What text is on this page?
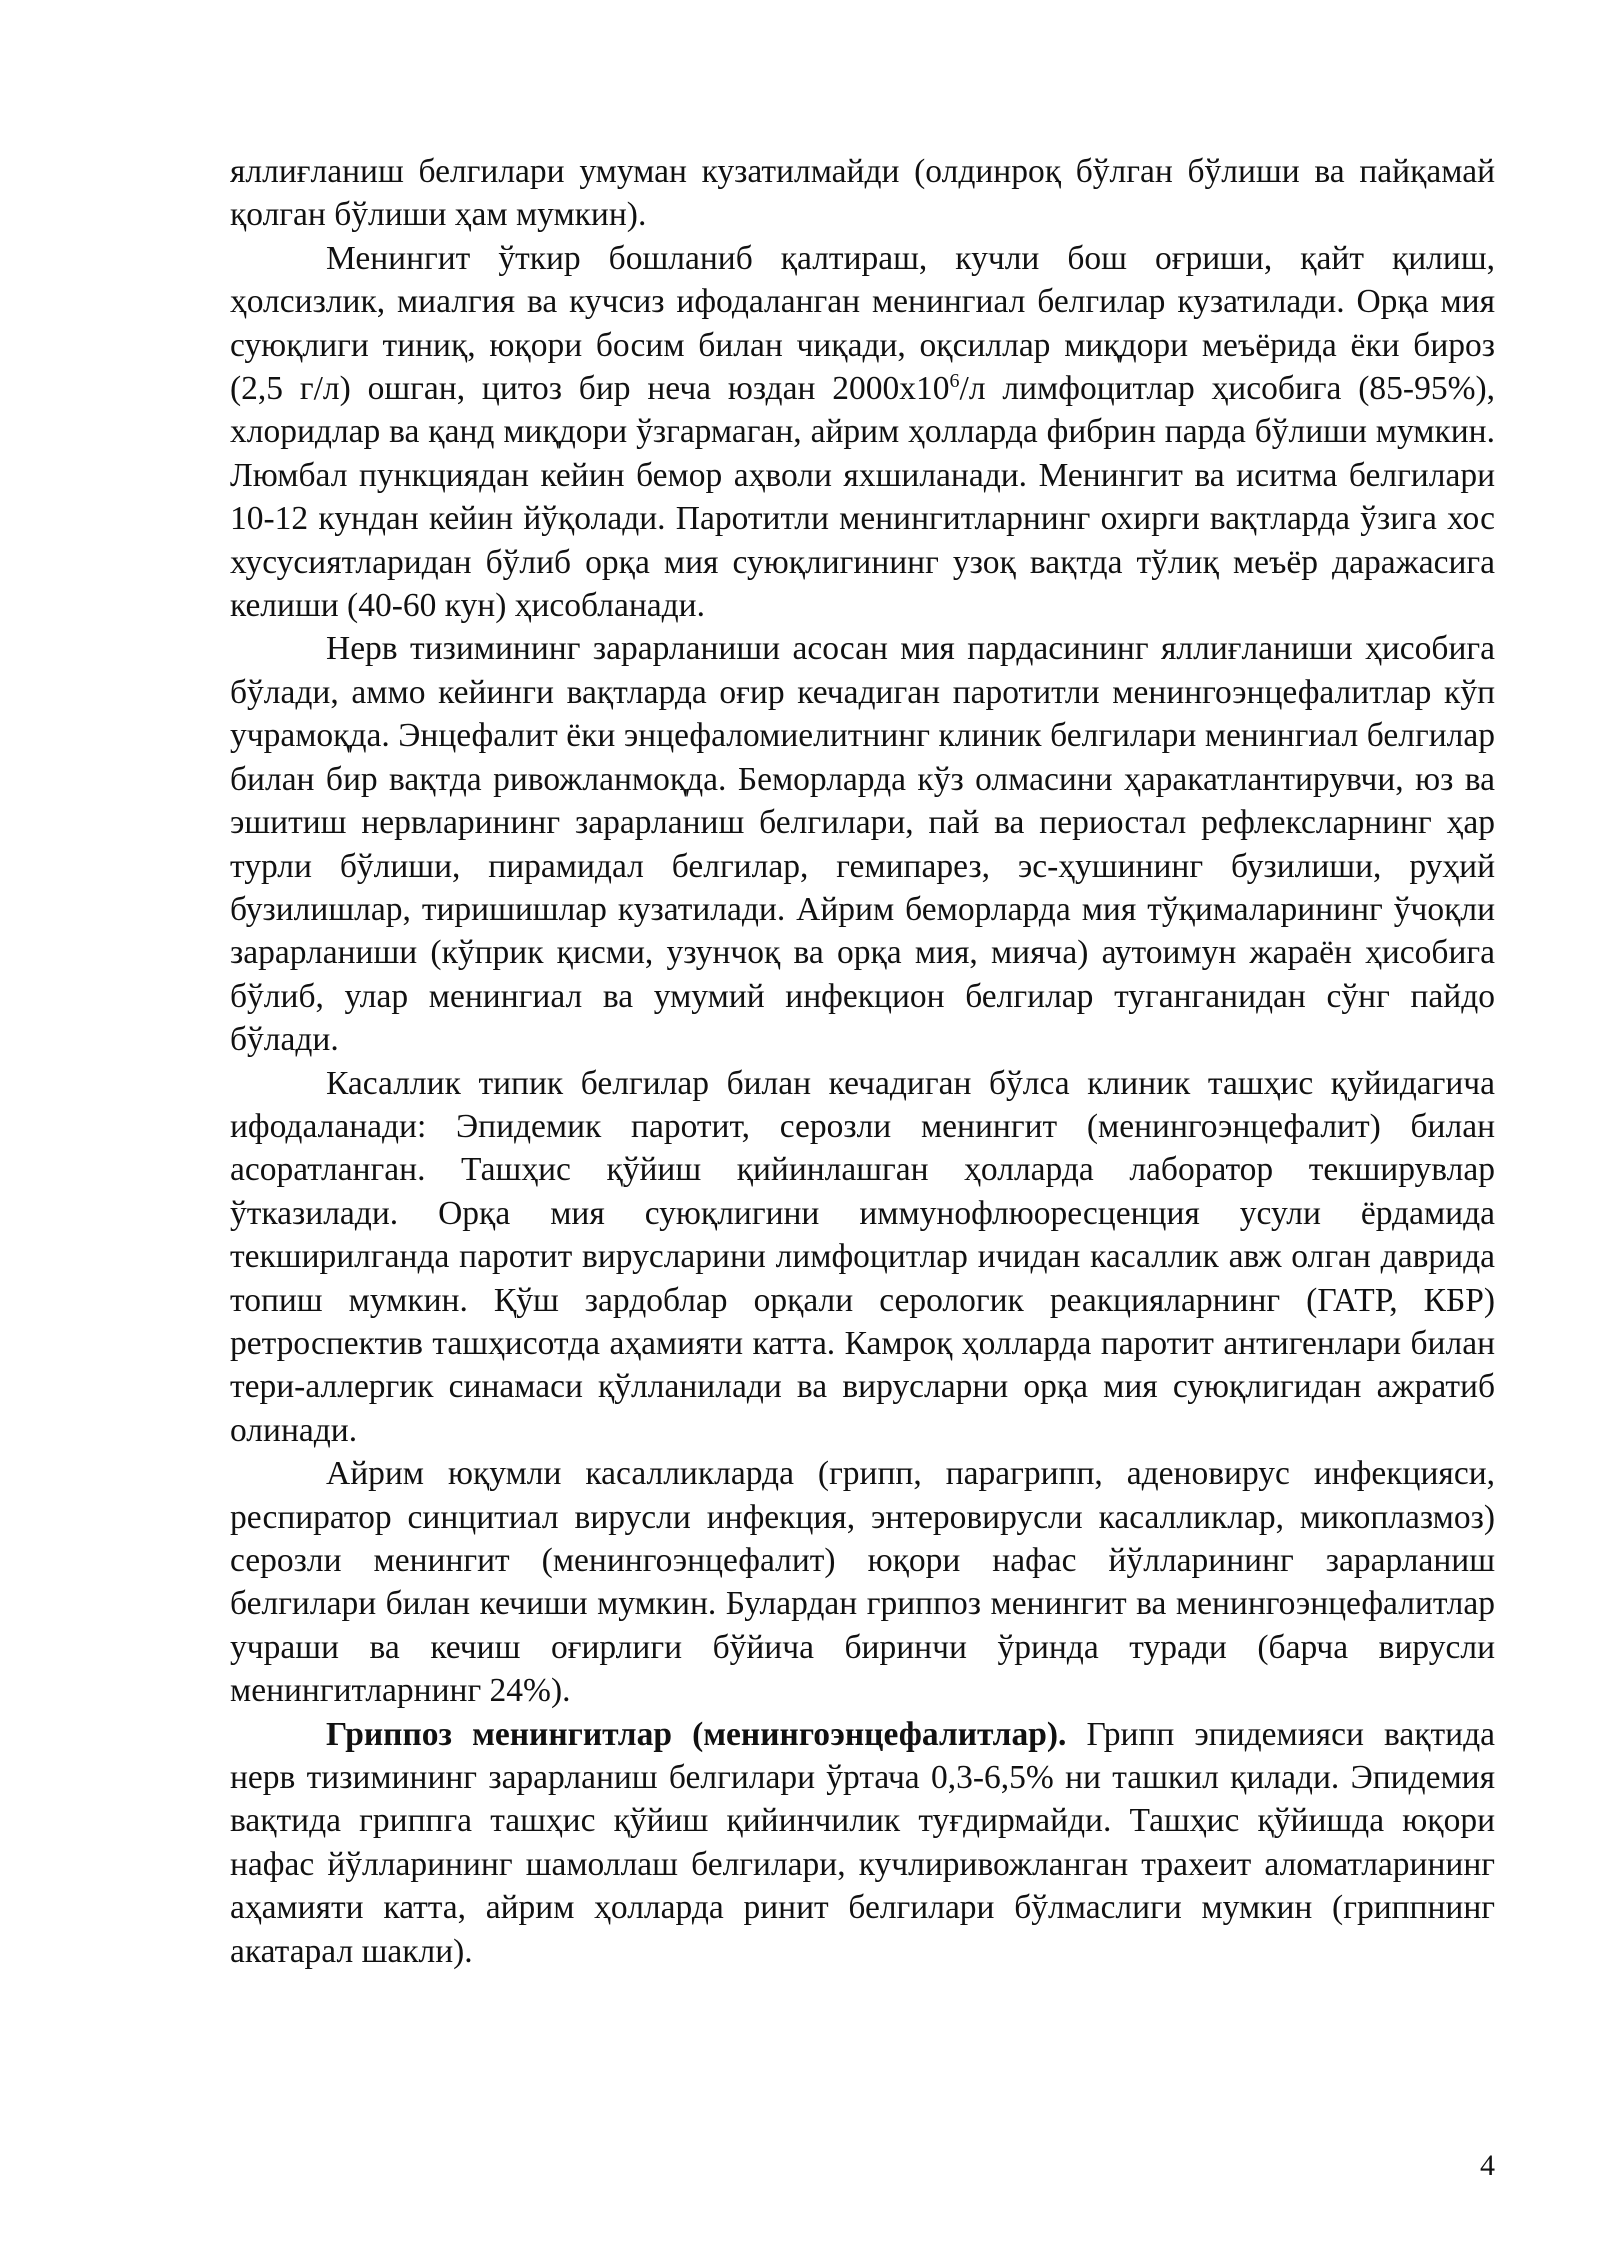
яллиғланиш белгилари умуман кузатилмайди (олдинроқ бўлган бўлиши ва пайқамай қолган бўлиши ҳам мумкин).

Менингит ўткир бошланиб қалтираш, кучли бош оғриши, қайт қилиш, ҳолсизлик, миалгия ва кучсиз ифодаланган менингиал белгилар кузатилади. Орқа мия суюқлиги тиниқ, юқори босим билан чиқади, оқсиллар миқдори меъёрида ёки бироз (2,5 г/л) ошган, цитоз бир неча юздан $2000х10^6/л$ лимфоцитлар ҳисобига (85-95%), хлоридлар ва қанд миқдори ўзгармаган, айрим ҳолларда фибрин парда бўлиши мумкин. Люмбал пункциядан кейин бемор аҳволи яхшиланади. Менингит ва иситма белгилари 10-12 кундан кейин йўқолади. Паротитли менингитларнинг охирги вақтларда ўзига хос хусусиятларидан бўлиб орқа мия суюқлигининг узоқ вақтда тўлиқ меъёр даражасига келиши (40-60 кун) ҳисобланади.

Нерв тизимининг зарарланиши асосан мия пардасининг яллиғланиши ҳисобига бўлади, аммо кейинги вақтларда оғир кечадиган паротитли менингоэнцефалитлар кўп учрамоқда. Энцефалит ёки энцефаломиелитнинг клиник белгилари менингиал белгилар билан бир вақтда ривожланмоқда. Беморларда кўз олмасини ҳаракатлантирувчи, юз ва эшитиш нервларининг зарарланиш белгилари, пай ва периостал рефлексларнинг ҳар турли бўлиши, пирамидал белгилар, гемипарез, эс-ҳушининг бузилиши, руҳий бузилишлар, тиришишлар кузатилади. Айрим беморларда мия тўқималарининг ўчоқли зарарланиши (кўприк қисми, узунчоқ ва орқа мия, мияча) аутоимун жараён ҳисобига бўлиб, улар менингиал ва умумий инфекцион белгилар туганганидан сўнг пайдо бўлади.

Касаллик типик белгилар билан кечадиган бўлса клиник ташҳис қуйидагича ифодаланади: Эпидемик паротит, серозли менингит (менингоэнцефалит) билан асоратланган. Ташҳис қўйиш қийинлашган ҳолларда лаборатор текширувлар ўтказилади. Орқа мия суюқлигини иммунофлюоресценция усули ёрдамида текширилганда паротит вирусларини лимфоцитлар ичидан касаллик авж олган даврида топиш мумкин. Қўш зардоблар орқали серологик реакцияларнинг (ГАТР, КБР) ретроспектив ташҳисотда аҳамияти катта. Камроқ ҳолларда паротит антигенлари билан тери-аллергик синамаси қўлланилади ва вирусларни орқа мия суюқлигидан ажратиб олинади.

Айрим юқумли касалликларда (грипп, парагрипп, аденовирус инфекцияси, респиратор синцитиал вирусли инфекция, энтеровирусли касалликлар, микоплазмоз) серозли менингит (менингоэнцефалит) юқори нафас йўлларининг зарарланиш белгилари билан кечиши мумкин. Булардан гриппоз менингит ва менингоэнцефалитлар учраши ва кечиш оғирлиги бўйича биринчи ўринда туради (барча вирусли менингитларнинг 24%).

Гриппоз менингитлар (менингоэнцефалитлар). Грипп эпидемияси вақтида нерв тизимининг зарарланиш белгилари ўртача 0,3-6,5% ни ташкил қилади. Эпидемия вақтида гриппга ташҳис қўйиш қийинчилик туғдирмайди. Ташҳис қўйишда юқори нафас йўлларининг шамоллаш белгилари, кучлиривожланган трахеит аломатларининг аҳамияти катта, айрим ҳолларда ринит белгилари бўлмаслиги мумкин (гриппнинг акатарал шакли).

4
